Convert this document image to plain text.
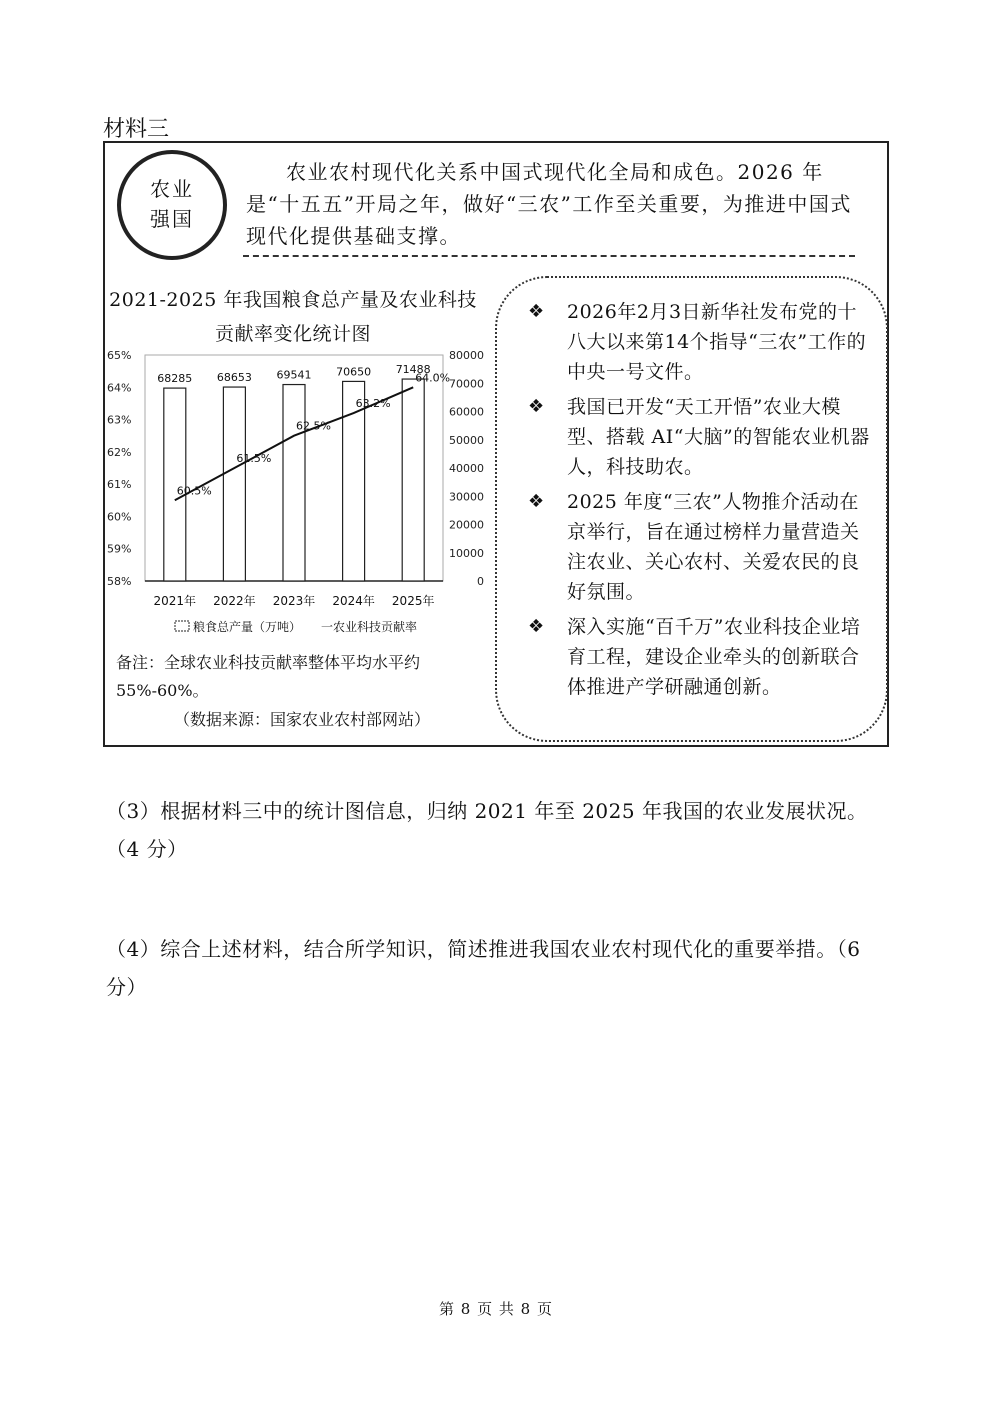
材料三
农业
强国
农业农村现代化关系中国式现代化全局和成色。2026 年是“十五五”开局之年，做好“三农”工作至关重要，为推进中国式现代化提供基础支撑。
2021-2025 年我国粮食总产量及农业科技贡献率变化统计图
58%
59%
60%
61%
62%
63%
64%
65%
0
10000
20000
30000
40000
50000
60000
70000
80000
68285 68653 69541 70650 71488
60.5%
61.5%
62.5%
63.2%
64.0%
2021年 2022年 2023年 2024年 2025年
粮食总产量（万吨） 一农业科技贡献率
备注：全球农业科技贡献率整体平均水平约55%-60%。
（数据来源：国家农业农村部网站）
❖ 2026年2月3日新华社发布党的十八大以来第14个指导“三农”工作的中央一号文件。
❖ 我国已开发“天工开悟”农业大模型、搭载 AI“大脑”的智能农业机器人，科技助农。
❖ 2025 年度“三农”人物推介活动在京举行，旨在通过榜样力量营造关注农业、关心农村、关爱农民的良好氛围。
❖ 深入实施“百千万”农业科技企业培育工程，建设企业牵头的创新联合体推进产学研融通创新。
（3）根据材料三中的统计图信息，归纳 2021 年至 2025 年我国的农业发展状况。（4 分）
（4）综合上述材料，结合所学知识，简述推进我国农业农村现代化的重要举措。（6 分）
第 8 页 共 8 页
